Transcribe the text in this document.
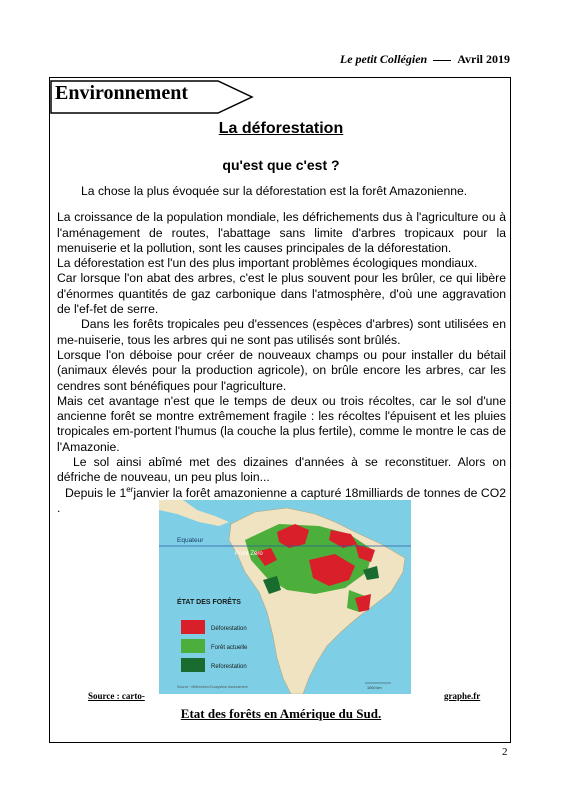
Le petit Collégien	Avril 2019
Environnement
La déforestation
qu'est que c'est ?

La chose la plus évoquée sur la déforestation est la forêt Amazonienne.

La croissance de la population mondiale, les défrichements dus à l'agriculture ou à l'aménagement de routes, l'abattage sans limite d'arbres tropicaux pour la menuiserie et la pollution, sont les causes principales de la déforestation.

La déforestation est l'un des plus important problèmes écologiques mondiaux.

Car lorsque l'on abat des arbres, c'est le plus souvent pour les brûler, ce qui libère d'énormes quantités de gaz carbonique dans l'atmosphère, d'où une aggravation de l'ef-fet de serre.

Dans les forêts tropicales peu d'essences (espèces d'arbres) sont utilisées en me-nuiserie, tous les arbres qui ne sont pas utilisés sont brûlés.

Lorsque l'on déboise pour créer de nouveaux champs ou pour installer du bétail (animaux élevés pour la production agricole), on brûle encore les arbres, car les cendres sont bénéfiques pour l'agriculture.

Mais cet avantage n'est que le temps de deux ou trois récoltes, car le sol d'une ancienne forêt se montre extrêmement fragile : les récoltes l'épuisent et les pluies tropicales em-portent l'humus (la couche la plus fertile), comme le montre le cas de l'Amazonie.

Le sol ainsi abîmé met des dizaines d'années à se reconstituer. Alors on défriche de nouveau, un peu plus loin...

Depuis le 1erjanvier la forêt amazonienne a capturé 18milliards de tonnes de CO2 .

Equateur
Point Zéro
ÉTAT DES FORÊTS
Déforestation
Forêt actuelle
Reforestation
Source : Millennium Ecosystem Assessment	1000 km
Source : carto-	graphe.fr
Etat des forêts en Amérique du Sud.
2
